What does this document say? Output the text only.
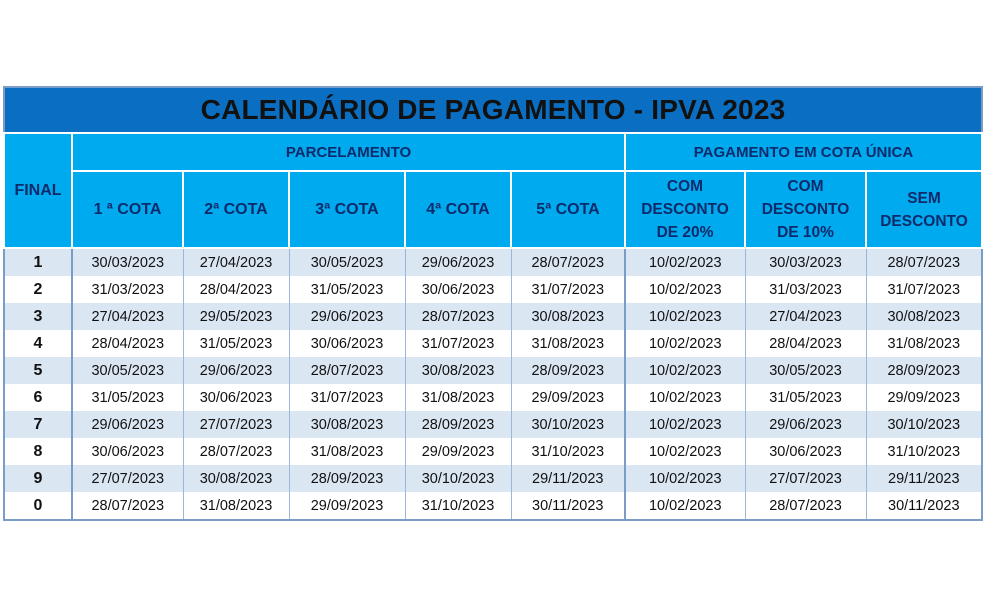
CALENDÁRIO DE PAGAMENTO - IPVA 2023								
FINAL	PARCELAMENTO					PAGAMENTO EM COTA ÚNICA		
	1 ª COTA	2ª COTA	3ª COTA	4ª COTA	5ª COTA	COM
DESCONTO
DE 20%	COM
DESCONTO
DE 10%	SEM
DESCONTO
1	30/03/2023	27/04/2023	30/05/2023	29/06/2023	28/07/2023	10/02/2023	30/03/2023	28/07/2023
2	31/03/2023	28/04/2023	31/05/2023	30/06/2023	31/07/2023	10/02/2023	31/03/2023	31/07/2023
3	27/04/2023	29/05/2023	29/06/2023	28/07/2023	30/08/2023	10/02/2023	27/04/2023	30/08/2023
4	28/04/2023	31/05/2023	30/06/2023	31/07/2023	31/08/2023	10/02/2023	28/04/2023	31/08/2023
5	30/05/2023	29/06/2023	28/07/2023	30/08/2023	28/09/2023	10/02/2023	30/05/2023	28/09/2023
6	31/05/2023	30/06/2023	31/07/2023	31/08/2023	29/09/2023	10/02/2023	31/05/2023	29/09/2023
7	29/06/2023	27/07/2023	30/08/2023	28/09/2023	30/10/2023	10/02/2023	29/06/2023	30/10/2023
8	30/06/2023	28/07/2023	31/08/2023	29/09/2023	31/10/2023	10/02/2023	30/06/2023	31/10/2023
9	27/07/2023	30/08/2023	28/09/2023	30/10/2023	29/11/2023	10/02/2023	27/07/2023	29/11/2023
0	28/07/2023	31/08/2023	29/09/2023	31/10/2023	30/11/2023	10/02/2023	28/07/2023	30/11/2023
